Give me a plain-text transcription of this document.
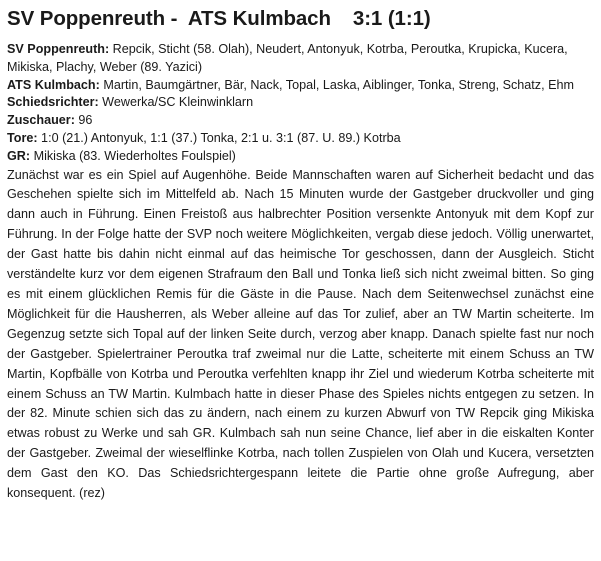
SV Poppenreuth -  ATS Kulmbach 3:1 (1:1)

SV Poppenreuth: Repcik, Sticht (58. Olah), Neudert, Antonyuk, Kotrba, Peroutka, Krupicka, Kucera, Mikiska, Plachy, Weber (89. Yazici)

ATS Kulmbach: Martin, Baumgärtner, Bär, Nack, Topal, Laska, Aiblinger, Tonka, Streng, Schatz, Ehm

Schiedsrichter: Wewerka/SC Kleinwinklarn

Zuschauer: 96

Tore: 1:0 (21.) Antonyuk, 1:1 (37.) Tonka, 2:1 u. 3:1 (87. U. 89.) Kotrba

GR: Mikiska (83. Wiederholtes Foulspiel)

Zunächst war es ein Spiel auf Augenhöhe. Beide Mannschaften waren auf Sicherheit bedacht und das Geschehen spielte sich im Mittelfeld ab. Nach 15 Minuten wurde der Gastgeber druckvoller und ging dann auch in Führung. Einen Freistoß aus halbrechter Position versenkte Antonyuk mit dem Kopf zur Führung. In der Folge hatte der SVP noch weitere Möglichkeiten, vergab diese jedoch. Völlig unerwartet, der Gast hatte bis dahin nicht einmal auf das heimische Tor geschossen, dann der Ausgleich. Sticht verständelte kurz vor dem eigenen Strafraum den Ball und Tonka ließ sich nicht zweimal bitten. So ging es mit einem glücklichen Remis für die Gäste in die Pause. Nach dem Seitenwechsel zunächst eine Möglichkeit für die Hausherren, als Weber alleine auf das Tor zulief, aber an TW Martin scheiterte. Im Gegenzug setzte sich Topal auf der linken Seite durch, verzog aber knapp. Danach spielte fast nur noch der Gastgeber. Spielertrainer Peroutka traf zweimal nur die Latte, scheiterte mit einem Schuss an TW Martin, Kopfbälle von Kotrba und Peroutka verfehlten knapp ihr Ziel und wiederum Kotrba scheiterte mit einem Schuss an TW Martin. Kulmbach hatte in dieser Phase des Spieles nichts entgegen zu setzen. In der 82. Minute schien sich das zu ändern, nach einem zu kurzen Abwurf von TW Repcik ging Mikiska etwas robust zu Werke und sah GR. Kulmbach sah nun seine Chance, lief aber in die eiskalten Konter der Gastgeber. Zweimal der wieselflinke Kotrba, nach tollen Zuspielen von Olah und Kucera, versetzten dem Gast den KO. Das Schiedsrichtergespann leitete die Partie ohne große Aufregung, aber konsequent. (rez)
